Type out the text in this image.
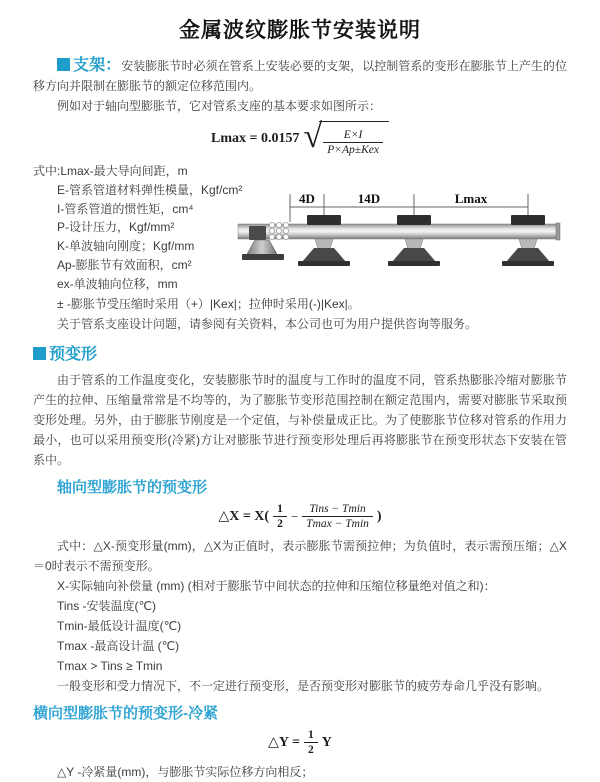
金属波纹膨胀节安装说明

支架：安装膨胀节时必须在管系上安装必要的支架，以控制管系的变形在膨胀节上产生的位移方向并限制在膨胀节的额定位移范围内。

例如对于轴向型膨胀节，它对管系支座的基本要求如图所示：

Lmax = 0.0157 √ $\frac{E\times I}{\text{P×Ap±Kex}}$
式中:Lmax-最大导向间距，m
E-管系管道材料弹性模量，Kgf/cm²
I-管系管道的惯性矩，cm⁴
P-设计压力，Kgf/mm²
K-单波轴向刚度；Kgf/mm
Ap-膨胀节有效面积，cm²
ex-单波轴向位移，mm
4D	14D	Lmax

± -膨胀节受压缩时采用（+）|Kex|；拉伸时采用(-)|Kex|。

关于管系支座设计问题，请参阅有关资料，本公司也可为用户提供咨询等服务。

预变形

由于管系的工作温度变化，安装膨胀节时的温度与工作时的温度不同，管系热膨胀冷缩对膨胀节产生的拉伸、压缩量常常是不均等的，为了膨胀节变形范围控制在额定范围内，需要对膨胀节采取预变形处理。另外，由于膨胀节刚度是一个定值，与补偿量成正比。为了使膨胀节位移对管系的作用力最小，也可以采用预变形(冷紧)方让对膨胀节进行预变形处理后再将膨胀节在预变形状态下安装在管系中。

轴向型膨胀节的预变形
△X = $X( \frac{1}{2} - \frac{\text{Tins − Tmin}}{Tmax - Tmin}$ )

式中：△X-预变形量(mm)，△X为正值时，表示膨胀节需预拉伸；为负值时，表示需预压缩；△X＝0时表示不需预变形。

X-实际轴向补偿量 (mm) (相对于膨胀节中间状态的拉伸和压缩位移量绝对值之和)：
Tins -安装温度(℃)
Tmin-最低设计温度(℃)
Tmax -最高设计温 (℃)
Tmax > Tins ≥ Tmin
一般变形和受力情况下，不一定进行预变形，是否预变形对膨胀节的疲劳寿命几乎没有影响。
横向型膨胀节的预变形-冷紧
△Y = $\frac{1}{2}$ Y

△Y -冷紧量(mm)，与膨胀节实际位移方向相反；
